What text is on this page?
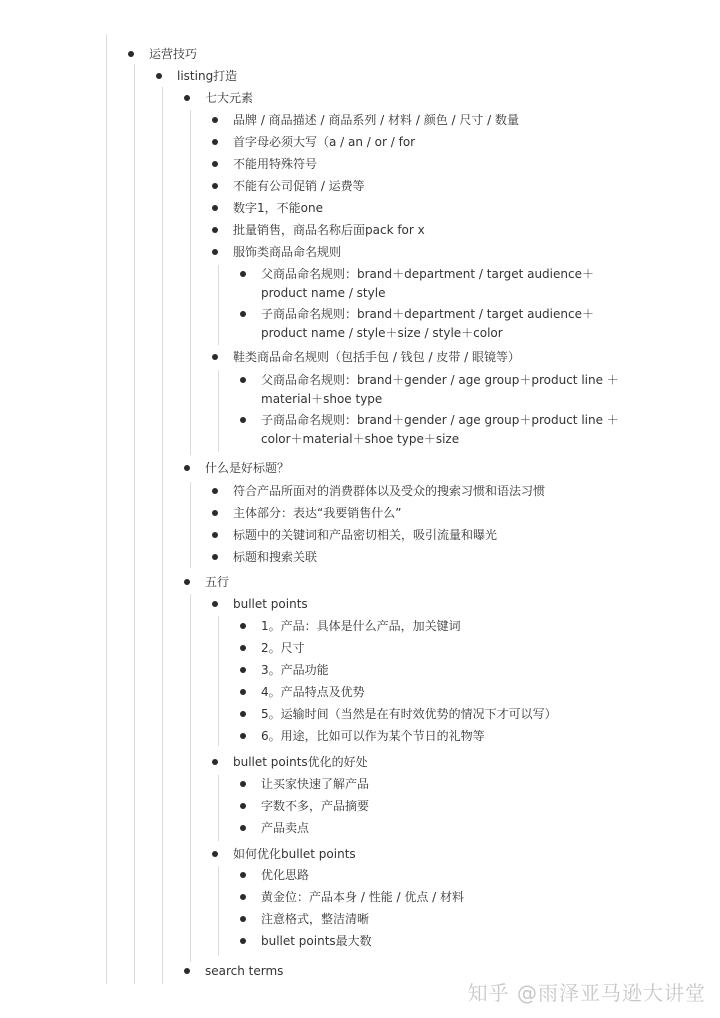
运营技巧
listing打造
七大元素
品牌 / 商品描述 / 商品系列 / 材料 / 颜色 / 尺寸 / 数量
首字母必须大写（a / an / or / for
不能用特殊符号
不能有公司促销 / 运费等
数字1，不能one
批量销售，商品名称后面pack for x
服饰类商品命名规则
父商品命名规则：brand＋department / target audience＋
product name / style
子商品命名规则：brand＋department / target audience＋
product name / style＋size / style＋color
鞋类商品命名规则（包括手包 / 钱包 / 皮带 / 眼镜等）
父商品命名规则：brand＋gender / age group＋product line ＋
material＋shoe type
子商品命名规则：brand＋gender / age group＋product line ＋
color＋material＋shoe type＋size
什么是好标题？
符合产品所面对的消费群体以及受众的搜索习惯和语法习惯
主体部分：表达“我要销售什么”
标题中的关键词和产品密切相关，吸引流量和曝光
标题和搜索关联
五行
bullet points
1。产品：具体是什么产品，加关键词
2。尺寸
3。产品功能
4。产品特点及优势
5。运输时间（当然是在有时效优势的情况下才可以写）
6。用途，比如可以作为某个节日的礼物等
bullet points优化的好处
让买家快速了解产品
字数不多，产品摘要
产品卖点
如何优化bullet points
优化思路
黄金位：产品本身 / 性能 / 优点 / 材料
注意格式，整洁清晰
bullet points最大数
search terms
知乎 @雨泽亚马逊大讲堂
